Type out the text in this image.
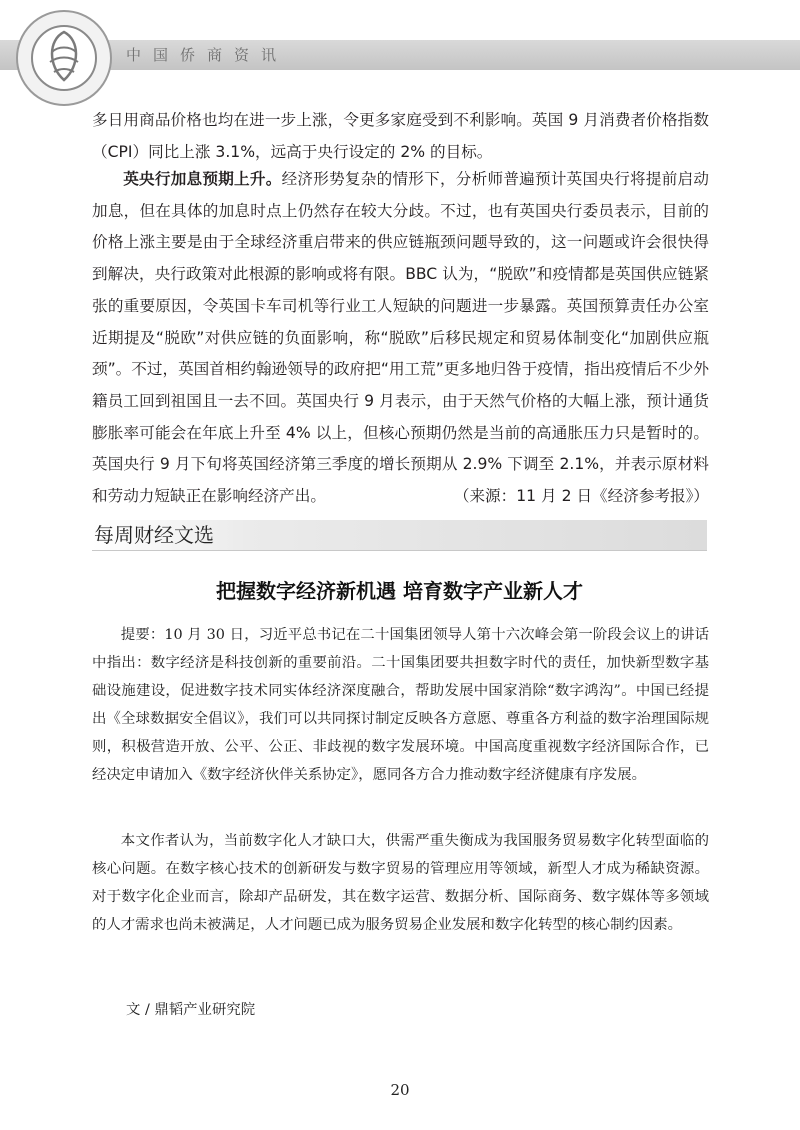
中国侨商资讯

多日用商品价格也均在进一步上涨，令更多家庭受到不利影响。英国 9 月消费者价格指数（CPI）同比上涨 3.1%，远高于央行设定的 2% 的目标。

英央行加息预期上升。经济形势复杂的情形下，分析师普遍预计英国央行将提前启动加息，但在具体的加息时点上仍然存在较大分歧。不过，也有英国央行委员表示，目前的价格上涨主要是由于全球经济重启带来的供应链瓶颈问题导致的，这一问题或许会很快得到解决，央行政策对此根源的影响或将有限。BBC 认为，“脱欧”和疫情都是英国供应链紧张的重要原因，令英国卡车司机等行业工人短缺的问题进一步暴露。英国预算责任办公室近期提及“脱欧”对供应链的负面影响，称“脱欧”后移民规定和贸易体制变化“加剧供应瓶颈”。不过，英国首相约翰逊领导的政府把“用工荒”更多地归咎于疫情，指出疫情后不少外籍员工回到祖国且一去不回。英国央行 9 月表示，由于天然气价格的大幅上涨，预计通货膨胀率可能会在年底上升至 4% 以上，但核心预期仍然是当前的高通胀压力只是暂时的。英国央行 9 月下旬将英国经济第三季度的增长预期从 2.9% 下调至 2.1%，并表示原材料和劳动力短缺正在影响经济产出。	（来源：11 月 2 日《经济参考报》）

每周财经文选
把握数字经济新机遇 培育数字产业新人才

提要：10 月 30 日，习近平总书记在二十国集团领导人第十六次峰会第一阶段会议上的讲话中指出：数字经济是科技创新的重要前沿。二十国集团要共担数字时代的责任，加快新型数字基础设施建设，促进数字技术同实体经济深度融合，帮助发展中国家消除“数字鸿沟”。中国已经提出《全球数据安全倡议》，我们可以共同探讨制定反映各方意愿、尊重各方利益的数字治理国际规则，积极营造开放、公平、公正、非歧视的数字发展环境。中国高度重视数字经济国际合作，已经决定申请加入《数字经济伙伴关系协定》，愿同各方合力推动数字经济健康有序发展。

本文作者认为，当前数字化人才缺口大，供需严重失衡成为我国服务贸易数字化转型面临的核心问题。在数字核心技术的创新研发与数字贸易的管理应用等领域，新型人才成为稀缺资源。对于数字化企业而言，除却产品研发，其在数字运营、数据分析、国际商务、数字媒体等多领域的人才需求也尚未被满足，人才问题已成为服务贸易企业发展和数字化转型的核心制约因素。

文 / 鼎韬产业研究院
20
